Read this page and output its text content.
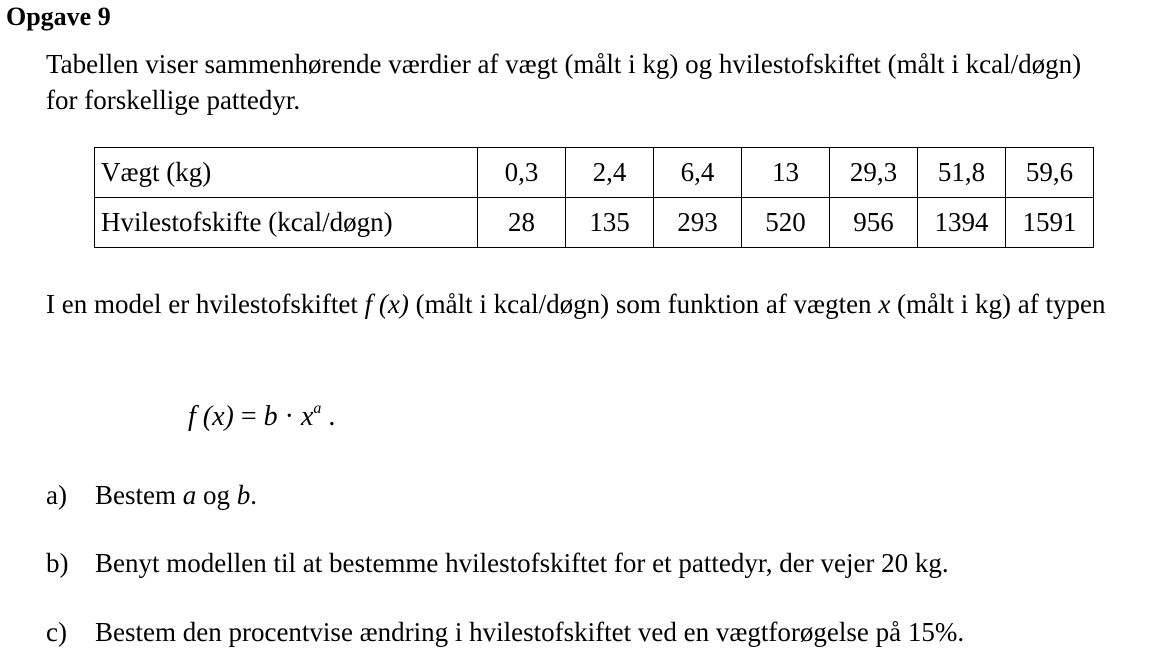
Opgave 9
Tabellen viser sammenhørende værdier af vægt (målt i kg) og hvilestofskiftet (målt i kcal/døgn) for forskellige pattedyr.
Vægt (kg)	0,3	2,4	6,4	13	29,3	51,8	59,6
Hvilestofskifte (kcal/døgn)	28	135	293	520	956	1394	1591
I en model er hvilestofskiftet f (x) (målt i kcal/døgn) som funktion af vægten x (målt i kg) af typen
f $(x) = b \cdot x^a$ .
a) Bestem a og b.
b) Benyt modellen til at bestemme hvilestofskiftet for et pattedyr, der vejer 20 kg.
c) Bestem den procentvise ændring i hvilestofskiftet ved en vægtforøgelse på 15%.
